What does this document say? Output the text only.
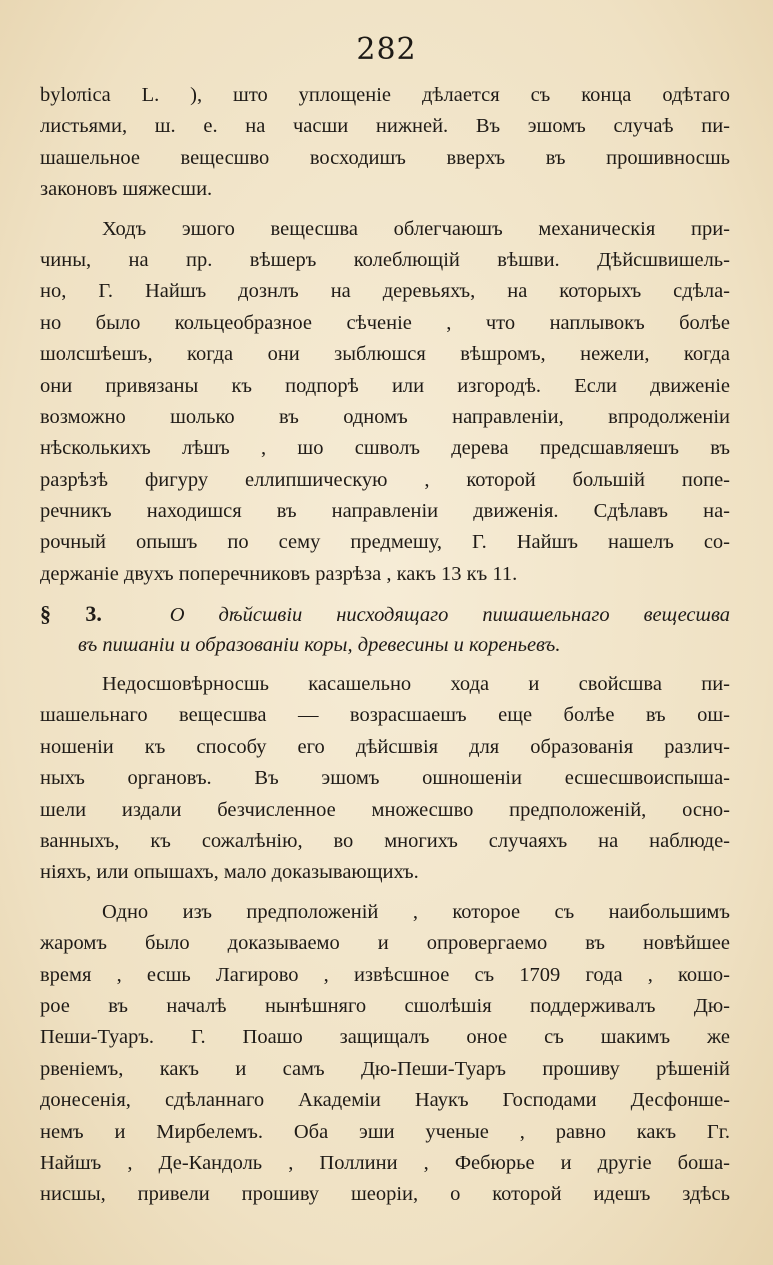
282
byloπica L. ), што уплощенiе дѣлается съ конца одѣтаго
листьями, ш. е. на часши нижней. Въ эшомъ случаѣ пи-
шашельное вещесшво восходишъ вверхъ въ прошивносшь
законовъ шяжесши.
Ходъ эшого вещесшва облегчаюшъ механическiя при-
чины, на пр. вѣшеръ колеблющiй вѣшви. Дѣйсшвишель-
но, Г. Найшъ дознлъ на деревьяхъ, на которыхъ сдѣла-
но было кольцеобразное сѣченiе , что наплывокъ болѣе
шолсшѣешъ, когда они зыблюшся вѣшромъ, нежели, когда
они привязаны къ подпорѣ или изгородѣ. Если движенiе
возможно шолько въ одномъ направленiи, впродолженiи
нѣсколькихъ лѣшъ , шо сшволъ дерева предсшавляешъ въ
разрѣзѣ фигуру еллипшическую , которой большiй попе-
речникъ находишся въ направленiи движенiя. Сдѣлавъ на-
рочный опышъ по сему предмешу, Г. Найшъ нашелъ со-
держанiе двухъ поперечниковъ разрѣза , какъ 13 къ 11.
§ 3.	О дѣйсшвiи нисходящаго пишашельнаго вещесшва
въ пишанiи и образованiи коры, древесины и кореньевъ.
Недосшовѣрносшь касашельно хода и свойсшва пи-
шашельнаго вещесшва — возрасшаешъ еще болѣе въ ош-
ношенiи къ способу его дѣйсшвiя для образованiя различ-
ныхъ органовъ. Въ эшомъ ошношенiи есшесшвоиспыша-
шели издали безчисленное множесшво предположенiй, осно-
ванныхъ, къ сожалѣнiю, во многихъ случаяхъ на наблюде-
нiяхъ, или опышахъ, мало доказывающихъ.
Одно изъ предположенiй , которое съ наибольшимъ
жаромъ было доказываемо и опровергаемо въ новѣйшее
время , есшь Лагирово , извѣсшное съ 1709 года , кошо-
рое въ началѣ нынѣшняго сшолѣшiя поддерживалъ Дю-
Пеши-Туаръ. Г. Поашо защищалъ оное съ шакимъ же
рвенiемъ, какъ и самъ Дю-Пеши-Туаръ прошиву рѣшенiй
донесенiя, сдѣланнаго Академiи Наукъ Господами Десфонше-
немъ и Мирбелемъ. Оба эши ученые , равно какъ Гг.
Найшъ , Де-Кандоль , Поллини , Фебюрье и другiе боша-
нисшы, привели прошиву шеорiи, о которой идешъ здѣсь
